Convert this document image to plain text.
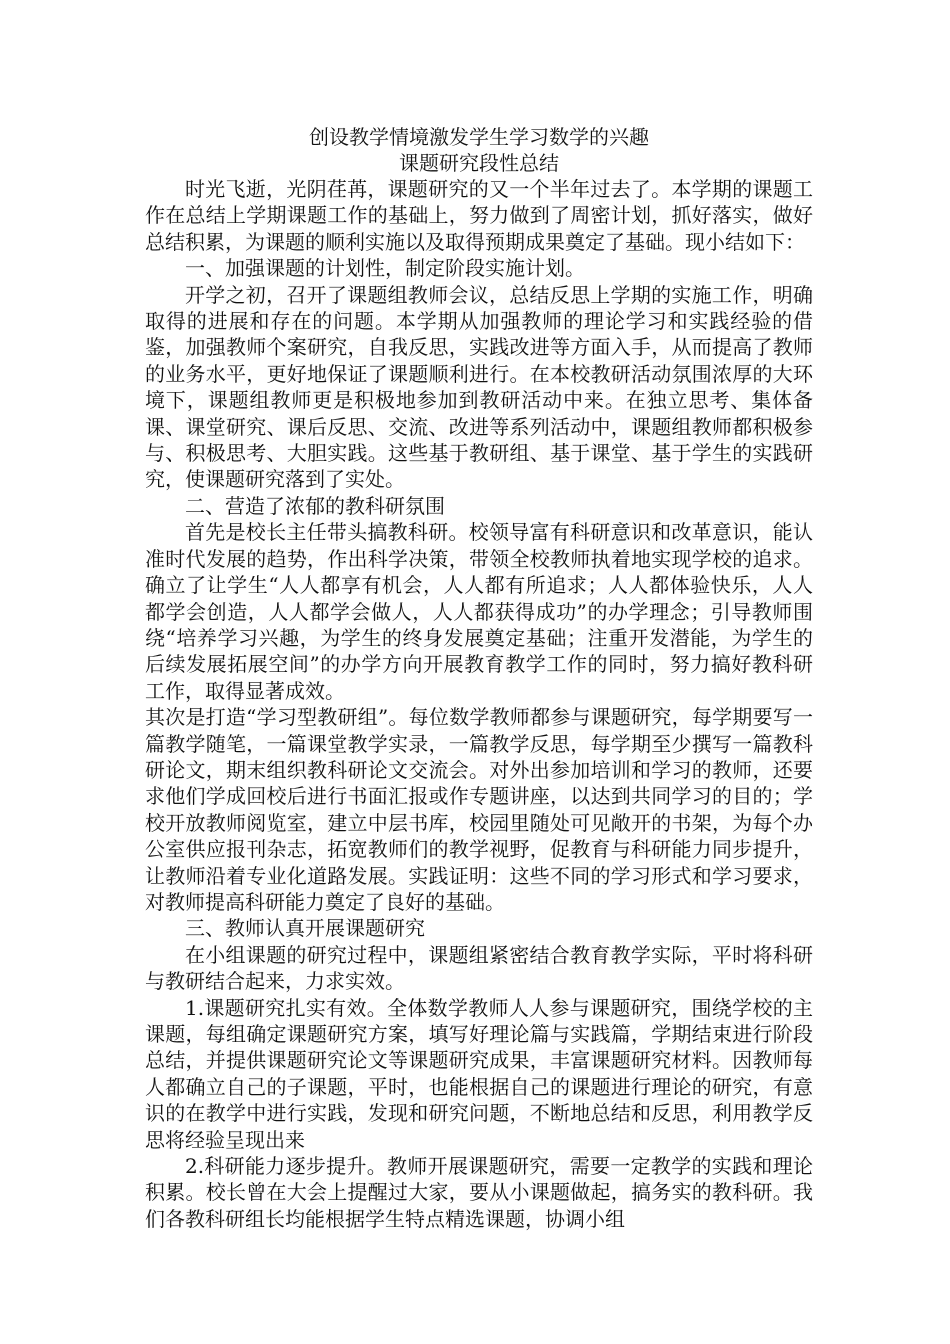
创设教学情境激发学生学习数学的兴趣
课题研究段性总结

时光飞逝，光阴荏苒，课题研究的又一个半年过去了。本学期的课题工作在总结上学期课题工作的基础上，努力做到了周密计划，抓好落实，做好总结积累，为课题的顺利实施以及取得预期成果奠定了基础。现小结如下：

一、加强课题的计划性，制定阶段实施计划。

开学之初，召开了课题组教师会议，总结反思上学期的实施工作，明确取得的进展和存在的问题。本学期从加强教师的理论学习和实践经验的借鉴，加强教师个案研究，自我反思，实践改进等方面入手，从而提高了教师的业务水平，更好地保证了课题顺利进行。在本校教研活动氛围浓厚的大环境下，课题组教师更是积极地参加到教研活动中来。在独立思考、集体备课、课堂研究、课后反思、交流、改进等系列活动中，课题组教师都积极参与、积极思考、大胆实践。这些基于教研组、基于课堂、基于学生的实践研究，使课题研究落到了实处。

二、营造了浓郁的教科研氛围

首先是校长主任带头搞教科研。校领导富有科研意识和改革意识，能认准时代发展的趋势，作出科学决策，带领全校教师执着地实现学校的追求。确立了让学生“人人都享有机会，人人都有所追求；人人都体验快乐，人人都学会创造，人人都学会做人，人人都获得成功”的办学理念；引导教师围绕“培养学习兴趣，为学生的终身发展奠定基础；注重开发潜能，为学生的后续发展拓展空间”的办学方向开展教育教学工作的同时，努力搞好教科研工作，取得显著成效。

其次是打造“学习型教研组”。每位数学教师都参与课题研究，每学期要写一篇教学随笔，一篇课堂教学实录，一篇教学反思，每学期至少撰写一篇教科研论文，期末组织教科研论文交流会。对外出参加培训和学习的教师，还要求他们学成回校后进行书面汇报或作专题讲座，以达到共同学习的目的；学校开放教师阅览室，建立中层书库，校园里随处可见敞开的书架，为每个办公室供应报刊杂志，拓宽教师们的教学视野，促教育与科研能力同步提升，让教师沿着专业化道路发展。实践证明：这些不同的学习形式和学习要求，对教师提高科研能力奠定了良好的基础。

三、教师认真开展课题研究

在小组课题的研究过程中，课题组紧密结合教育教学实际，平时将科研与教研结合起来，力求实效。

1.课题研究扎实有效。全体数学教师人人参与课题研究，围绕学校的主课题，每组确定课题研究方案，填写好理论篇与实践篇，学期结束进行阶段总结，并提供课题研究论文等课题研究成果，丰富课题研究材料。因教师每人都确立自己的子课题，平时，也能根据自己的课题进行理论的研究，有意识的在教学中进行实践，发现和研究问题，不断地总结和反思，利用教学反思将经验呈现出来

2.科研能力逐步提升。教师开展课题研究，需要一定教学的实践和理论积累。校长曾在大会上提醒过大家，要从小课题做起，搞务实的教科研。我们各教科研组长均能根据学生特点精选课题，协调小组
